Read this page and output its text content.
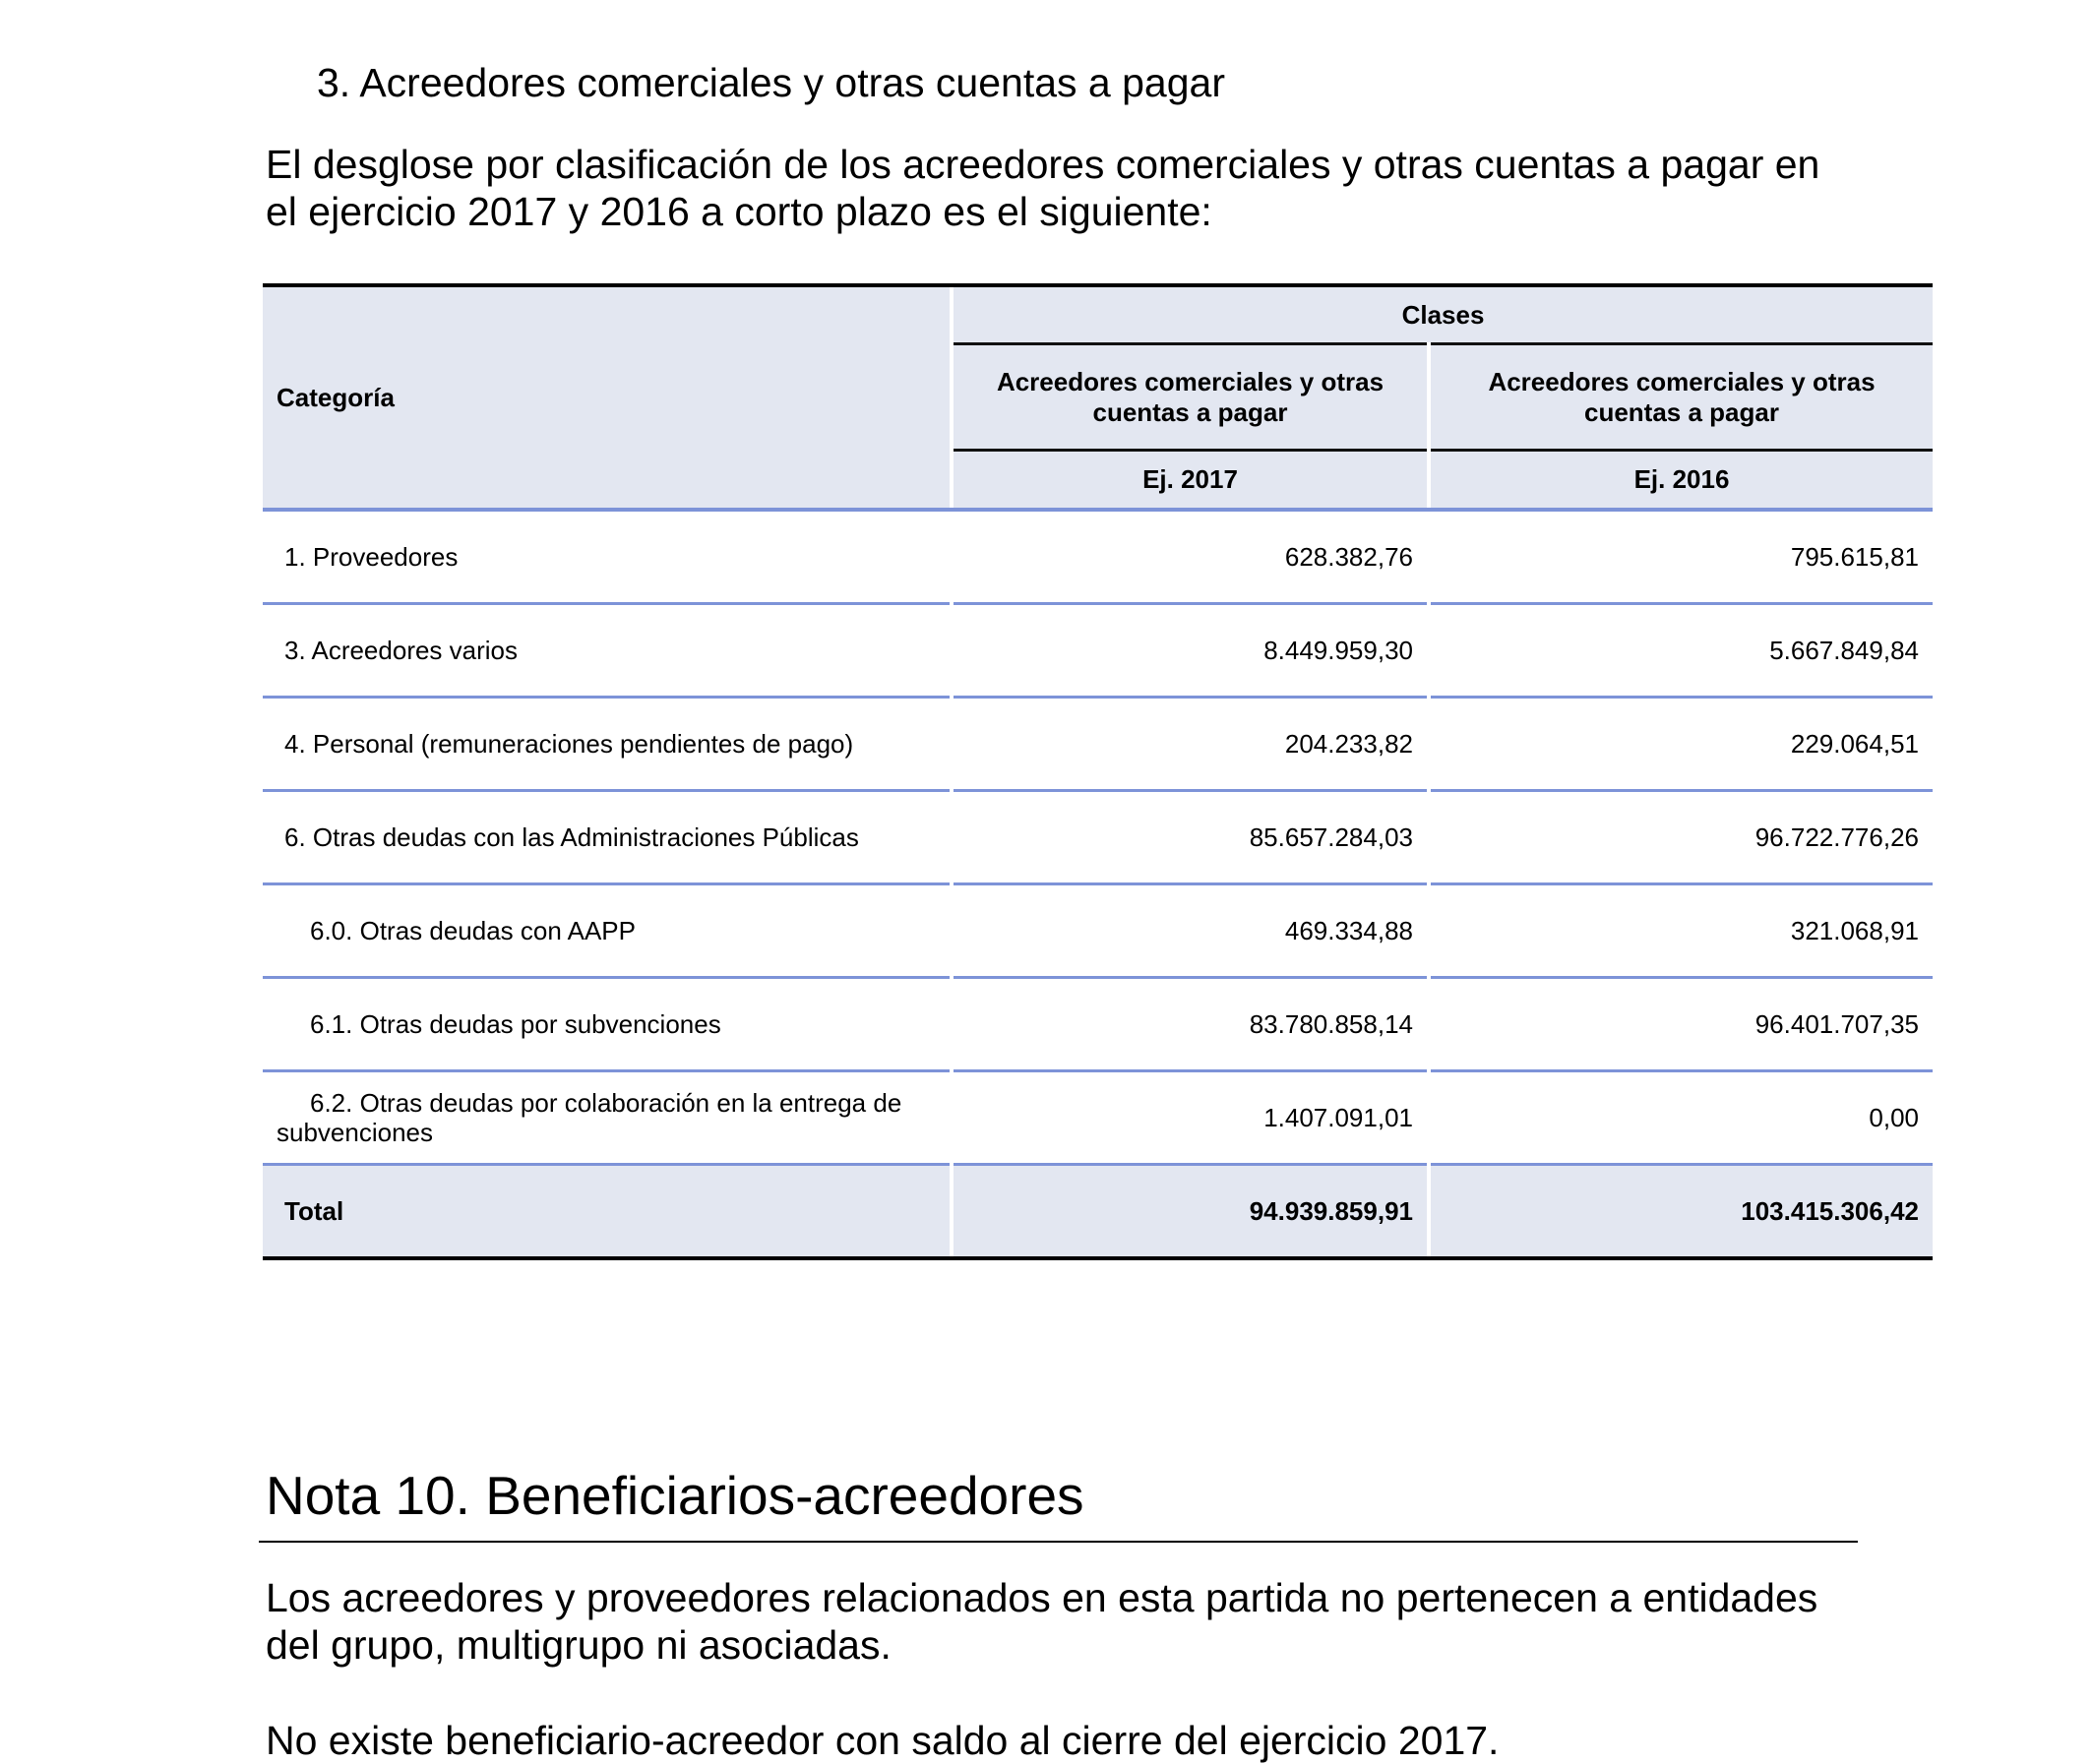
3. Acreedores comerciales y otras cuentas a pagar
El desglose por clasificación de los acreedores comerciales y otras cuentas a pagar en
el ejercicio 2017 y 2016 a corto plazo es el siguiente:
Categoría	Clases	
	Acreedores comerciales y otras cuentas a pagar	Acreedores comerciales y otras cuentas a pagar
	Ej. 2017	Ej. 2016
1. Proveedores	628.382,76	795.615,81
3. Acreedores varios	8.449.959,30	5.667.849,84
4. Personal (remuneraciones pendientes de pago)	204.233,82	229.064,51
6. Otras deudas con las Administraciones Públicas	85.657.284,03	96.722.776,26
6.0. Otras deudas con AAPP	469.334,88	321.068,91
6.1. Otras deudas por subvenciones	83.780.858,14	96.401.707,35
6.2. Otras deudas por colaboración en la entrega de subvenciones	1.407.091,01	0,00
Total	94.939.859,91	103.415.306,42
Nota 10. Beneficiarios-acreedores
Los acreedores y proveedores relacionados en esta partida no pertenecen a entidades
del grupo, multigrupo ni asociadas.
No existe beneficiario-acreedor con saldo al cierre del ejercicio 2017.
